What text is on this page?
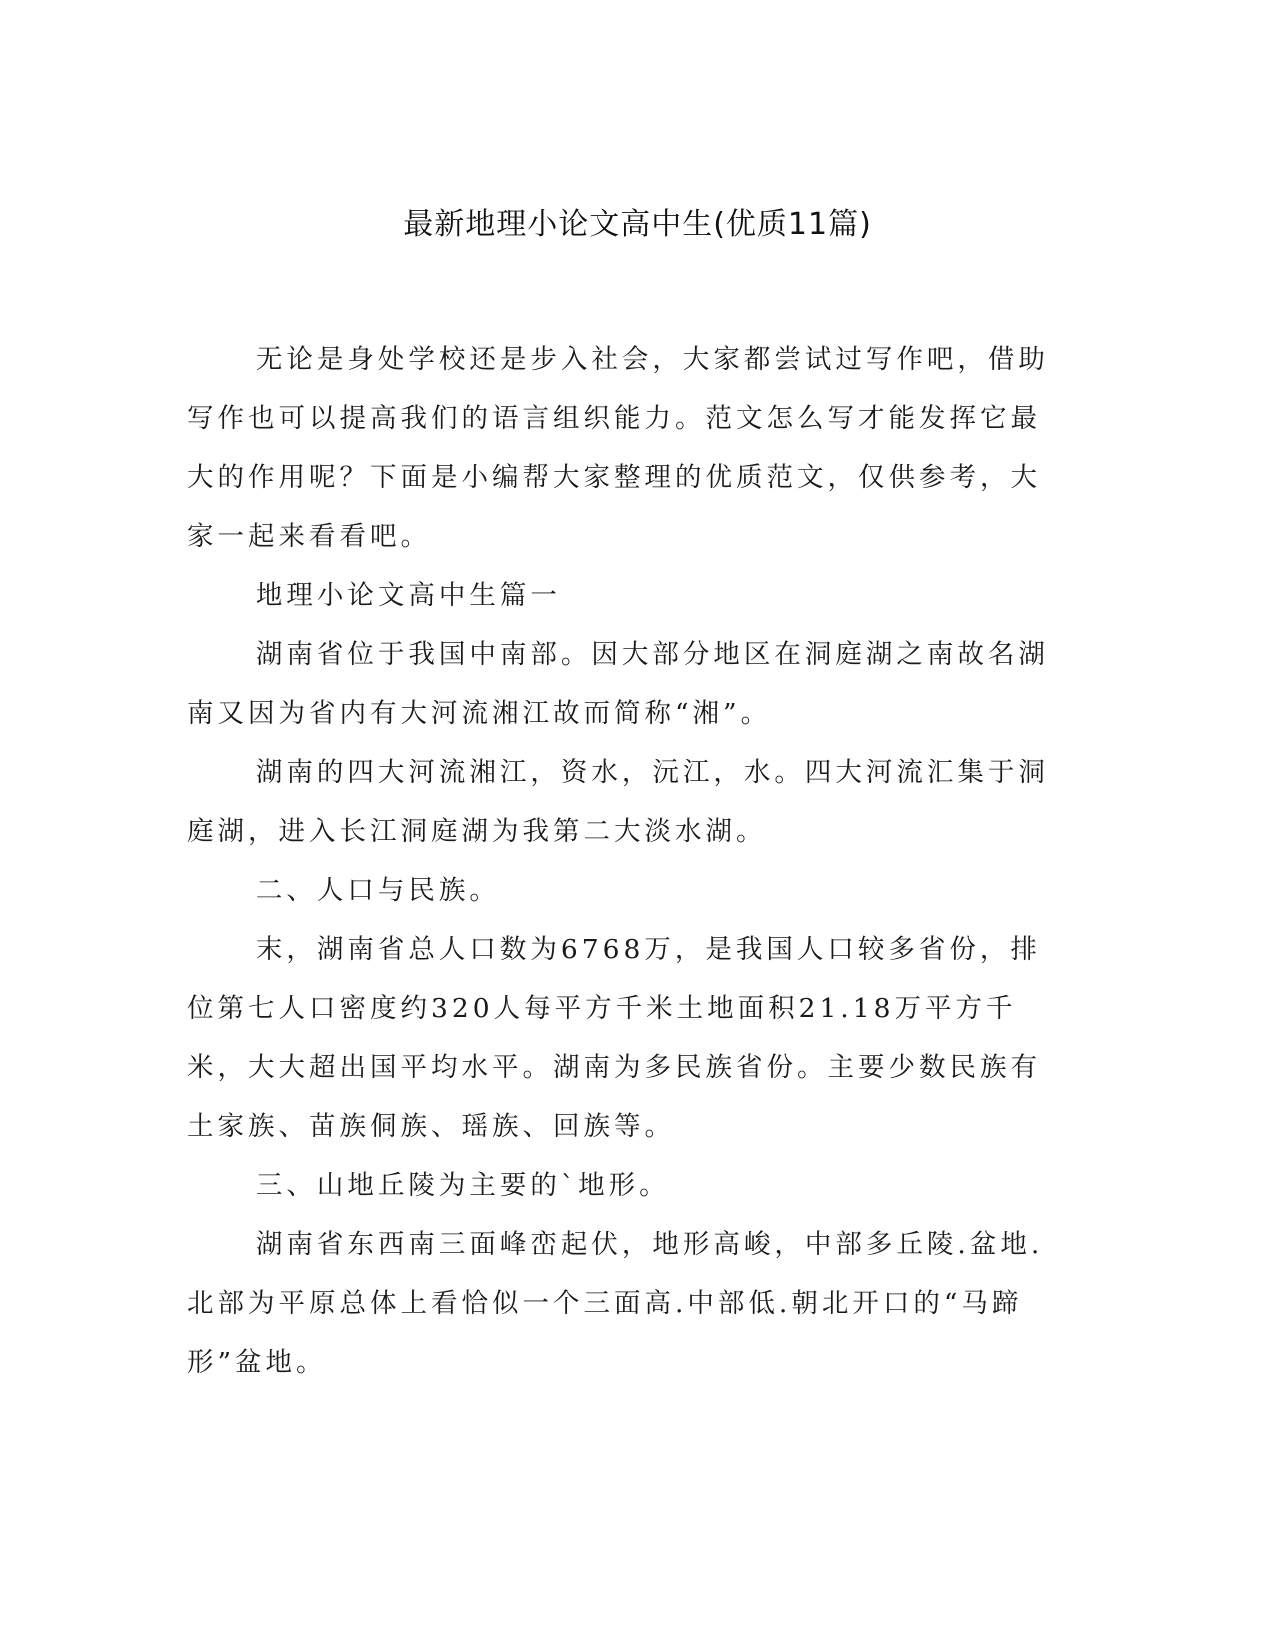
最新地理小论文高中生(优质11篇)

无论是身处学校还是步入社会，大家都尝试过写作吧，借助写作也可以提高我们的语言组织能力。范文怎么写才能发挥它最大的作用呢？下面是小编帮大家整理的优质范文，仅供参考，大家一起来看看吧。

地理小论文高中生篇一

湖南省位于我国中南部。因大部分地区在洞庭湖之南故名湖南又因为省内有大河流湘江故而简称“湘”。

湖南的四大河流湘江，资水，沅江，水。四大河流汇集于洞庭湖，进入长江洞庭湖为我第二大淡水湖。

二、人口与民族。

末，湖南省总人口数为6768万，是我国人口较多省份，排位第七人口密度约320人每平方千米土地面积21.18万平方千米，大大超出国平均水平。湖南为多民族省份。主要少数民族有土家族、苗族侗族、瑶族、回族等。

三、山地丘陵为主要的`地形。

湖南省东西南三面峰峦起伏，地形高峻，中部多丘陵.盆地.北部为平原总体上看恰似一个三面高.中部低.朝北开口的“马蹄形”盆地。
